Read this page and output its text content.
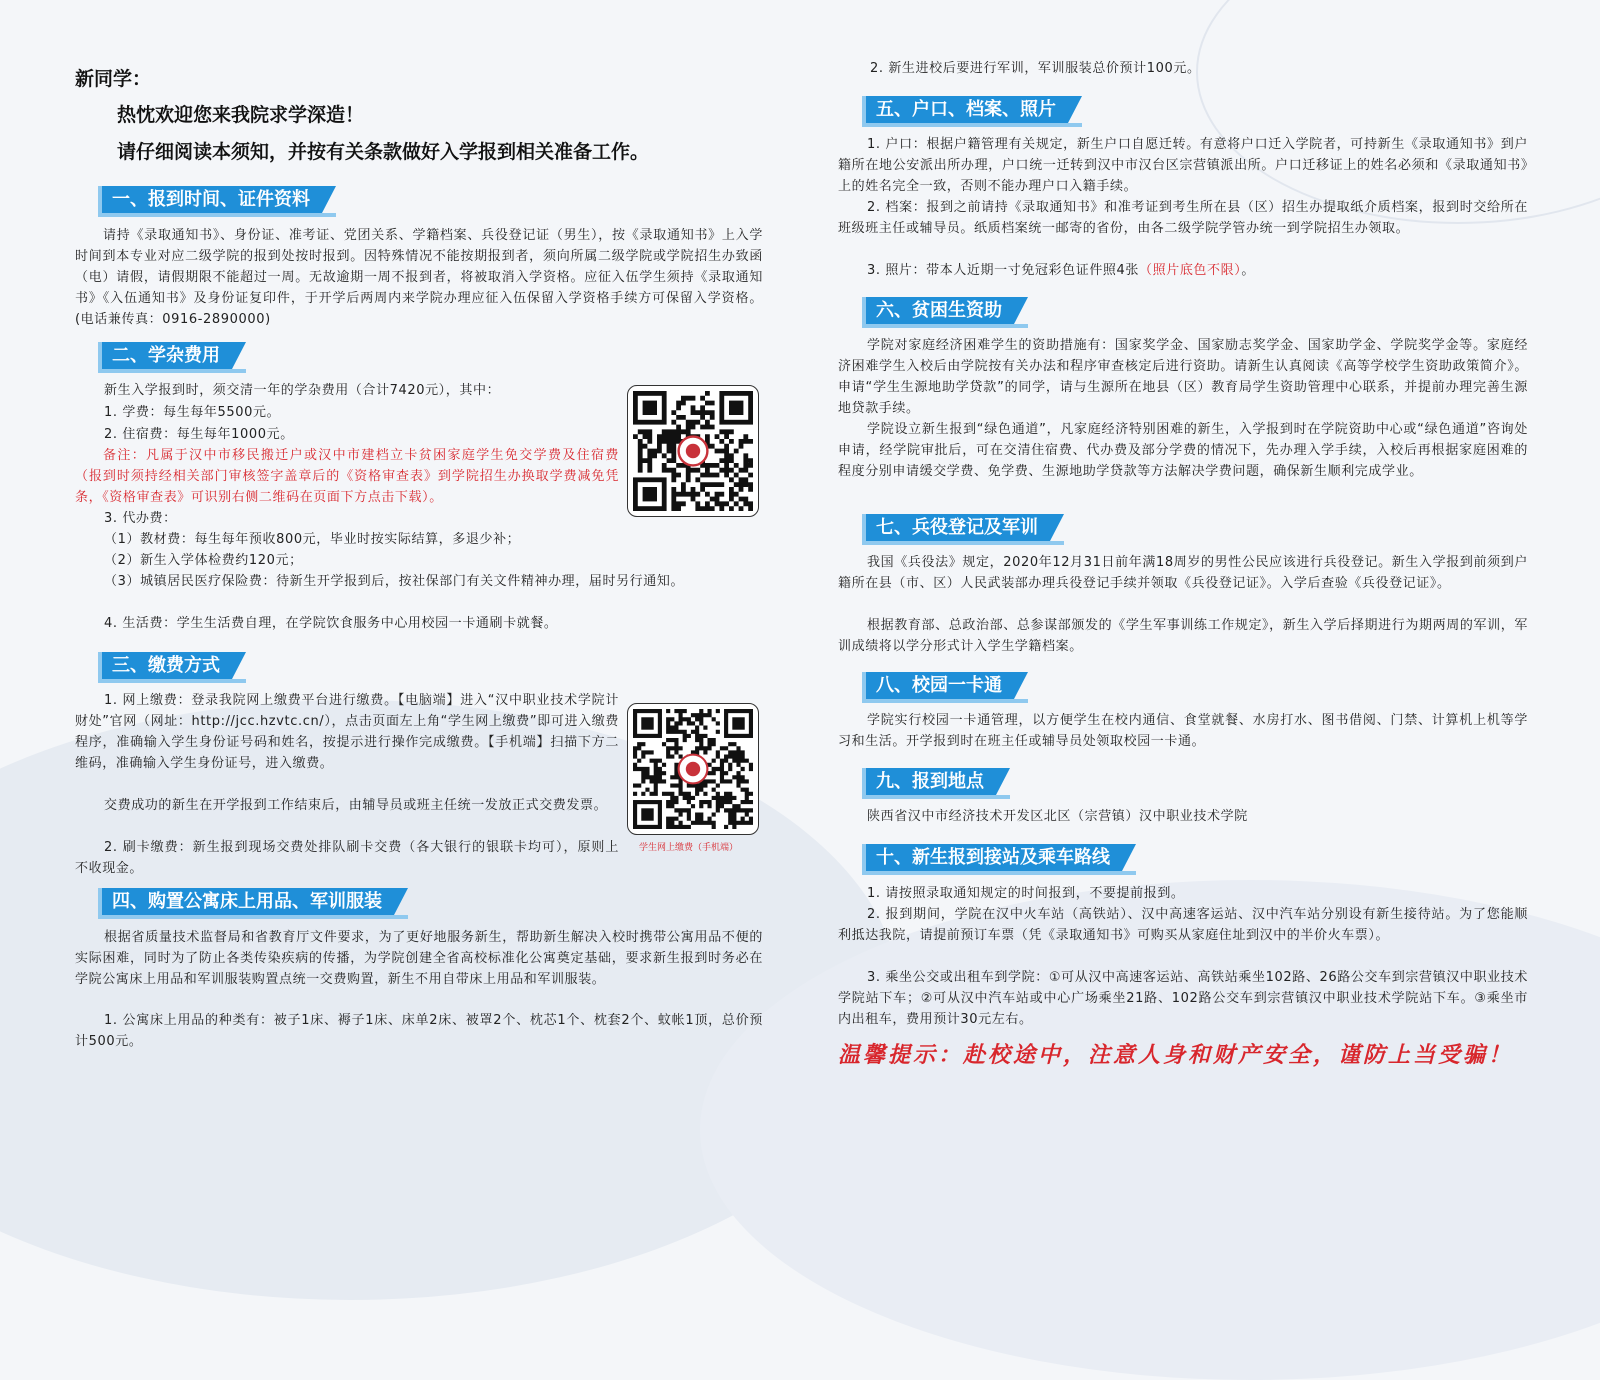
新同学：
热忱欢迎您来我院求学深造！
请仔细阅读本须知，并按有关条款做好入学报到相关准备工作。
一、报到时间、证件资料
请持《录取通知书》、身份证、准考证、党团关系、学籍档案、兵役登记证（男生），按《录取通知书》上入学时间到本专业对应二级学院的报到处按时报到。因特殊情况不能按期报到者，须向所属二级学院或学院招生办致函（电）请假，请假期限不能超过一周。无故逾期一周不报到者，将被取消入学资格。应征入伍学生须持《录取通知书》《入伍通知书》及身份证复印件，于开学后两周内来学院办理应征入伍保留入学资格手续方可保留入学资格。(电话兼传真：0916-2890000)
二、学杂费用
新生入学报到时，须交清一年的学杂费用（合计7420元），其中：
1. 学费：每生每年5500元。
2. 住宿费：每生每年1000元。
备注：凡属于汉中市移民搬迁户或汉中市建档立卡贫困家庭学生免交学费及住宿费（报到时须持经相关部门审核签字盖章后的《资格审查表》到学院招生办换取学费减免凭条，《资格审查表》可识别右侧二维码在页面下方点击下载）。
3. 代办费：
（1）教材费：每生每年预收800元，毕业时按实际结算，多退少补；
（2）新生入学体检费约120元；
（3）城镇居民医疗保险费：待新生开学报到后，按社保部门有关文件精神办理，届时另行通知。
4. 生活费：学生生活费自理，在学院饮食服务中心用校园一卡通刷卡就餐。
三、缴费方式
1. 网上缴费：登录我院网上缴费平台进行缴费。【电脑端】进入“汉中职业技术学院计财处”官网（网址：http://jcc.hzvtc.cn/），点击页面左上角“学生网上缴费”即可进入缴费程序，准确输入学生身份证号码和姓名，按提示进行操作完成缴费。【手机端】扫描下方二维码，准确输入学生身份证号，进入缴费。
交费成功的新生在开学报到工作结束后，由辅导员或班主任统一发放正式交费发票。
2. 刷卡缴费：新生报到现场交费处排队刷卡交费（各大银行的银联卡均可），原则上不收现金。
学生网上缴费（手机端）
四、购置公寓床上用品、军训服装
根据省质量技术监督局和省教育厅文件要求，为了更好地服务新生，帮助新生解决入校时携带公寓用品不便的实际困难，同时为了防止各类传染疾病的传播，为学院创建全省高校标准化公寓奠定基础，要求新生报到时务必在学院公寓床上用品和军训服装购置点统一交费购置，新生不用自带床上用品和军训服装。
1. 公寓床上用品的种类有：被子1床、褥子1床、床单2床、被罩2个、枕芯1个、枕套2个、蚊帐1顶，总价预计500元。
2. 新生进校后要进行军训，军训服装总价预计100元。
五、户口、档案、照片
1. 户口：根据户籍管理有关规定，新生户口自愿迁转。有意将户口迁入学院者，可持新生《录取通知书》到户籍所在地公安派出所办理，户口统一迁转到汉中市汉台区宗营镇派出所。户口迁移证上的姓名必须和《录取通知书》上的姓名完全一致，否则不能办理户口入籍手续。
2. 档案：报到之前请持《录取通知书》和准考证到考生所在县（区）招生办提取纸介质档案，报到时交给所在班级班主任或辅导员。纸质档案统一邮寄的省份，由各二级学院学管办统一到学院招生办领取。
3. 照片：带本人近期一寸免冠彩色证件照4张（照片底色不限）。
六、贫困生资助
学院对家庭经济困难学生的资助措施有：国家奖学金、国家励志奖学金、国家助学金、学院奖学金等。家庭经济困难学生入校后由学院按有关办法和程序审查核定后进行资助。请新生认真阅读《高等学校学生资助政策简介》。申请“学生生源地助学贷款”的同学，请与生源所在地县（区）教育局学生资助管理中心联系，并提前办理完善生源地贷款手续。
学院设立新生报到“绿色通道”，凡家庭经济特别困难的新生，入学报到时在学院资助中心或“绿色通道”咨询处申请，经学院审批后，可在交清住宿费、代办费及部分学费的情况下，先办理入学手续，入校后再根据家庭困难的程度分别申请缓交学费、免学费、生源地助学贷款等方法解决学费问题，确保新生顺利完成学业。
七、兵役登记及军训
我国《兵役法》规定，2020年12月31日前年满18周岁的男性公民应该进行兵役登记。新生入学报到前须到户籍所在县（市、区）人民武装部办理兵役登记手续并领取《兵役登记证》。入学后查验《兵役登记证》。
根据教育部、总政治部、总参谋部颁发的《学生军事训练工作规定》，新生入学后择期进行为期两周的军训，军训成绩将以学分形式计入学生学籍档案。
八、校园一卡通
学院实行校园一卡通管理，以方便学生在校内通信、食堂就餐、水房打水、图书借阅、门禁、计算机上机等学习和生活。开学报到时在班主任或辅导员处领取校园一卡通。
九、报到地点
陕西省汉中市经济技术开发区北区（宗营镇）汉中职业技术学院
十、新生报到接站及乘车路线
1. 请按照录取通知规定的时间报到，不要提前报到。
2. 报到期间，学院在汉中火车站（高铁站）、汉中高速客运站、汉中汽车站分别设有新生接待站。为了您能顺利抵达我院，请提前预订车票（凭《录取通知书》可购买从家庭住址到汉中的半价火车票）。
3. 乘坐公交或出租车到学院：①可从汉中高速客运站、高铁站乘坐102路、26路公交车到宗营镇汉中职业技术学院站下车；②可从汉中汽车站或中心广场乘坐21路、102路公交车到宗营镇汉中职业技术学院站下车。③乘坐市内出租车，费用预计30元左右。
温馨提示：赴校途中，注意人身和财产安全，谨防上当受骗！
